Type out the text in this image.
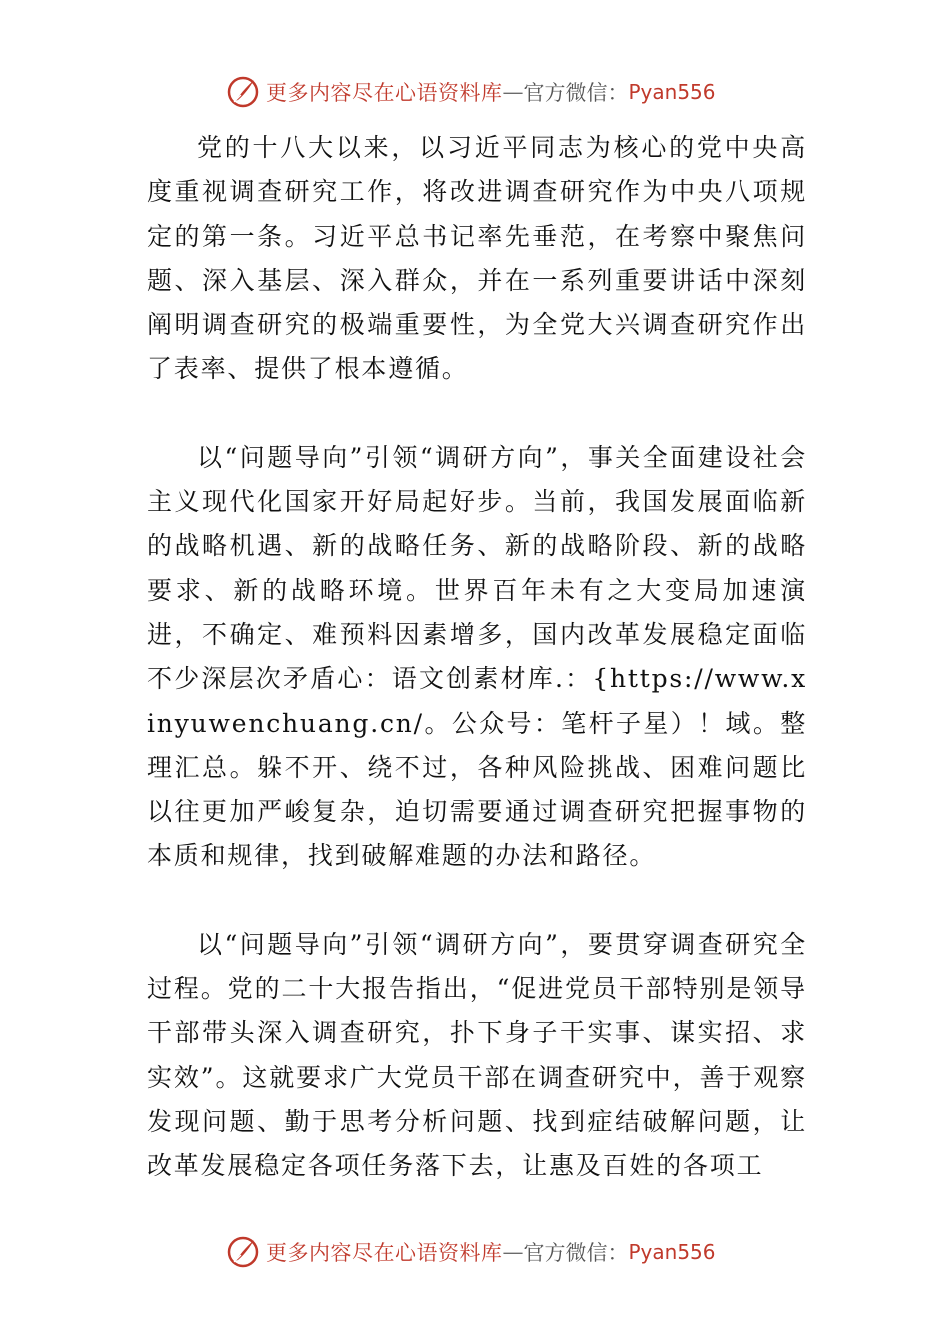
更多内容尽在心语资料库 — 官方微信： Pyan556

党的十八大以来，以习近平同志为核心的党中央高度重视调查研究工作，将改进调查研究作为中央八项规定的第一条。习近平总书记率先垂范，在考察中聚焦问题、深入基层、深入群众，并在一系列重要讲话中深刻阐明调查研究的极端重要性，为全党大兴调查研究作出了表率、提供了根本遵循。

以“问题导向”引领“调研方向”，事关全面建设社会主义现代化国家开好局起好步。当前，我国发展面临新的战略机遇、新的战略任务、新的战略阶段、新的战略要求、新的战略环境。世界百年未有之大变局加速演进，不确定、难预料因素增多，国内改革发展稳定面临不少深层次矛盾心：语文创素材库.：{https://www.xinyuwenchuang.cn/。公众号：笔杆子星）！域。整理汇总。躲不开、绕不过，各种风险挑战、困难问题比以往更加严峻复杂，迫切需要通过调查研究把握事物的本质和规律，找到破解难题的办法和路径。

以“问题导向”引领“调研方向”，要贯穿调查研究全过程。党的二十大报告指出，“促进党员干部特别是领导干部带头深入调查研究，扑下身子干实事、谋实招、求实效”。这就要求广大党员干部在调查研究中，善于观察发现问题、勤于思考分析问题、找到症结破解问题，让改革发展稳定各项任务落下去，让惠及百姓的各项工

更多内容尽在心语资料库 — 官方微信： Pyan556
